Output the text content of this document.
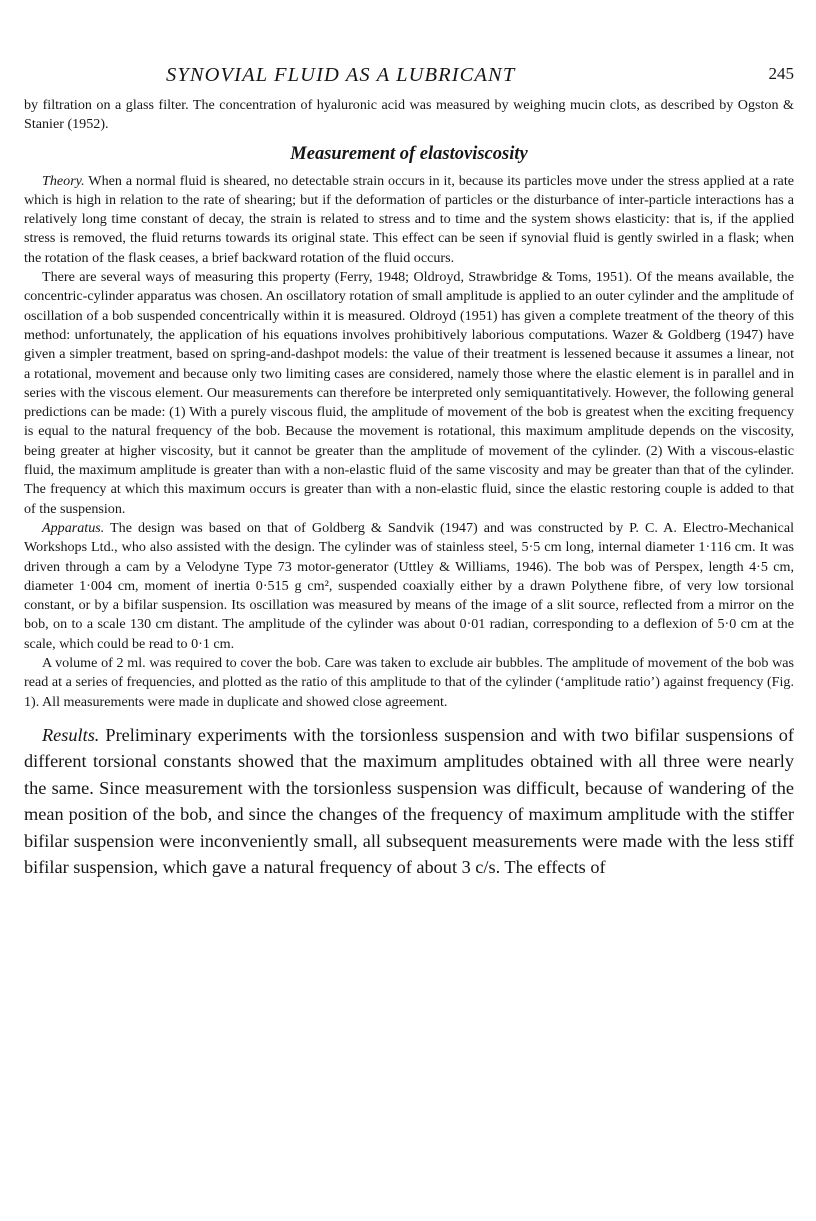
SYNOVIAL FLUID AS A LUBRICANT	245

by filtration on a glass filter. The concentration of hyaluronic acid was measured by weighing mucin clots, as described by Ogston & Stanier (1952).

Measurement of elastoviscosity

Theory. When a normal fluid is sheared, no detectable strain occurs in it, because its particles move under the stress applied at a rate which is high in relation to the rate of shearing; but if the deformation of particles or the disturbance of inter-particle interactions has a relatively long time constant of decay, the strain is related to stress and to time and the system shows elasticity: that is, if the applied stress is removed, the fluid returns towards its original state. This effect can be seen if synovial fluid is gently swirled in a flask; when the rotation of the flask ceases, a brief backward rotation of the fluid occurs.

There are several ways of measuring this property (Ferry, 1948; Oldroyd, Strawbridge & Toms, 1951). Of the means available, the concentric-cylinder apparatus was chosen. An oscillatory rotation of small amplitude is applied to an outer cylinder and the amplitude of oscillation of a bob suspended concentrically within it is measured. Oldroyd (1951) has given a complete treatment of the theory of this method: unfortunately, the application of his equations involves prohibitively laborious computations. Wazer & Goldberg (1947) have given a simpler treatment, based on spring-and-dashpot models: the value of their treatment is lessened because it assumes a linear, not a rotational, movement and because only two limiting cases are considered, namely those where the elastic element is in parallel and in series with the viscous element. Our measurements can therefore be interpreted only semiquantitatively. However, the following general predictions can be made: (1) With a purely viscous fluid, the amplitude of movement of the bob is greatest when the exciting frequency is equal to the natural frequency of the bob. Because the movement is rotational, this maximum amplitude depends on the viscosity, being greater at higher viscosity, but it cannot be greater than the amplitude of movement of the cylinder. (2) With a viscous-elastic fluid, the maximum amplitude is greater than with a non-elastic fluid of the same viscosity and may be greater than that of the cylinder. The frequency at which this maximum occurs is greater than with a non-elastic fluid, since the elastic restoring couple is added to that of the suspension.

Apparatus. The design was based on that of Goldberg & Sandvik (1947) and was constructed by P. C. A. Electro-Mechanical Workshops Ltd., who also assisted with the design. The cylinder was of stainless steel, 5·5 cm long, internal diameter 1·116 cm. It was driven through a cam by a Velodyne Type 73 motor-generator (Uttley & Williams, 1946). The bob was of Perspex, length 4·5 cm, diameter 1·004 cm, moment of inertia 0·515 g cm², suspended coaxially either by a drawn Polythene fibre, of very low torsional constant, or by a bifilar suspension. Its oscillation was measured by means of the image of a slit source, reflected from a mirror on the bob, on to a scale 130 cm distant. The amplitude of the cylinder was about 0·01 radian, corresponding to a deflexion of 5·0 cm at the scale, which could be read to 0·1 cm.

A volume of 2 ml. was required to cover the bob. Care was taken to exclude air bubbles. The amplitude of movement of the bob was read at a series of frequencies, and plotted as the ratio of this amplitude to that of the cylinder (‘amplitude ratio’) against frequency (Fig. 1). All measurements were made in duplicate and showed close agreement.

Results. Preliminary experiments with the torsionless suspension and with two bifilar suspensions of different torsional constants showed that the maximum amplitudes obtained with all three were nearly the same. Since measurement with the torsionless suspension was difficult, because of wandering of the mean position of the bob, and since the changes of the frequency of maximum amplitude with the stiffer bifilar suspension were inconveniently small, all subsequent measurements were made with the less stiff bifilar suspension, which gave a natural frequency of about 3 c/s. The effects of
